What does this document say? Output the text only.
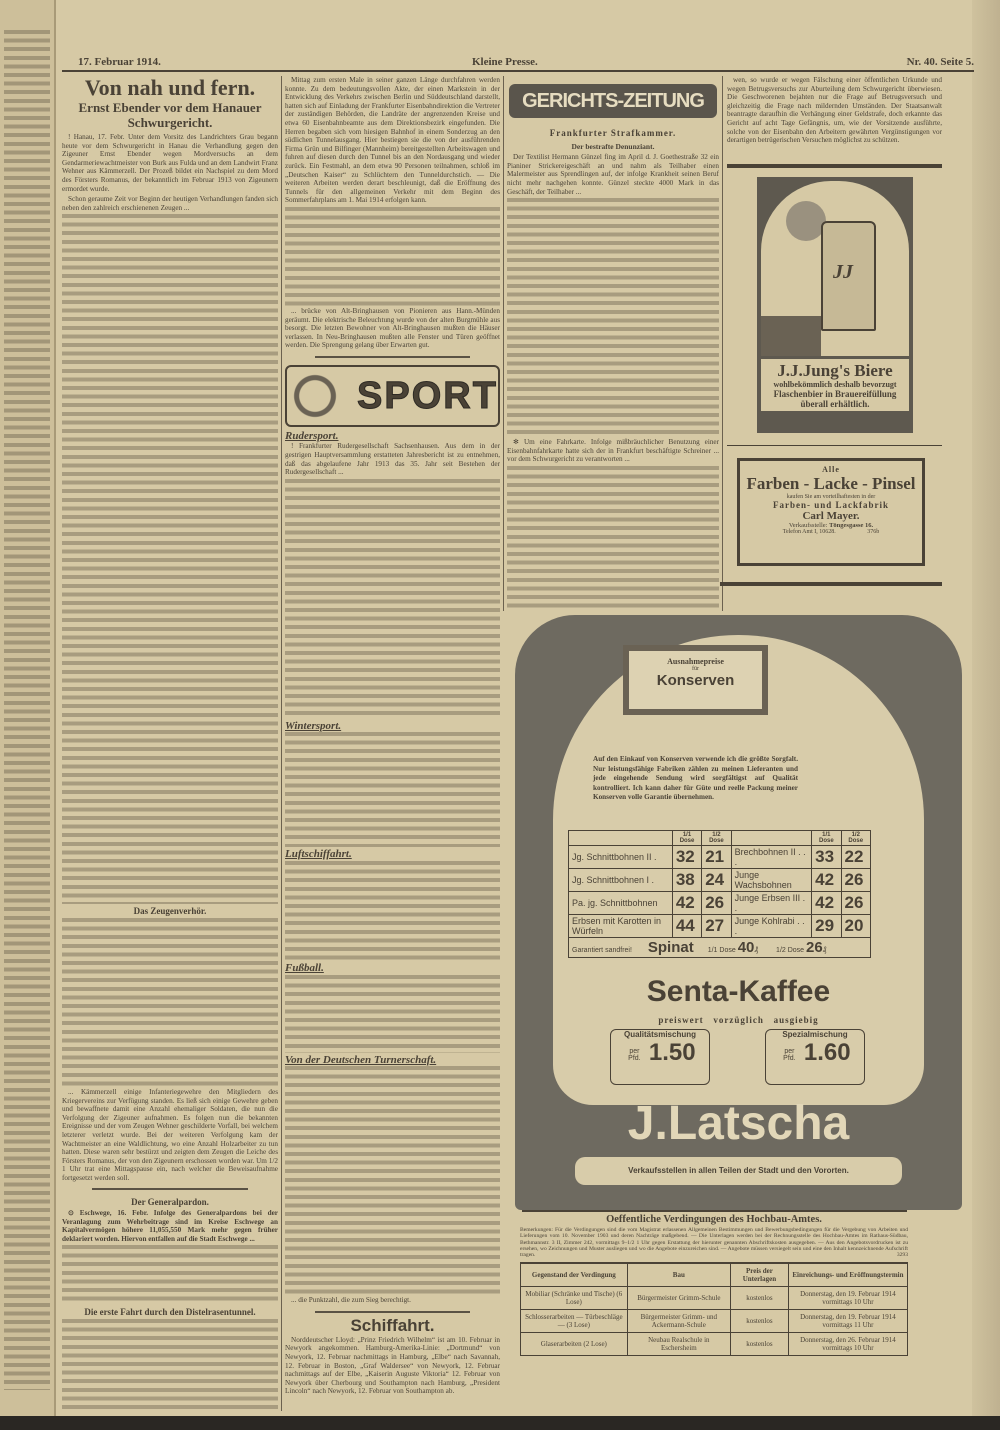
17. Februar 1914.	Kleine Presse.	Nr. 40. Seite 5.
Von nah und fern.
Ernst Ebender vor dem Hanauer Schwurgericht.

! Hanau, 17. Febr. Unter dem Vorsitz des Landrichters Grau begann heute vor dem Schwurgericht in Hanau die Verhandlung gegen den Zigeuner Ernst Ebender wegen Mordversuchs an dem Gendarmeriewachtmeister von Burk aus Fulda und an dem Landwirt Franz Wehner aus Kämmerzell. Der Prozeß bildet ein Nachspiel zu dem Mord des Försters Romanus, der bekanntlich im Februar 1913 von Zigeunern ermordet wurde.

Schon geraume Zeit vor Beginn der heutigen Verhandlungen fanden sich neben den zahlreich erschienenen Zeugen ...

Das Zeugenverhör.

... Kämmerzell einige Infanteriegewehre den Mitgliedern des Kriegervereins zur Verfügung standen. Es ließ sich einige Gewehre geben und bewaffnete damit eine Anzahl ehemaliger Soldaten, die nun die Verfolgung der Zigeuner aufnahmen. Es folgen nun die bekannten Ereignisse und der vom Zeugen Wehner geschilderte Vorfall, bei welchem letzterer verletzt wurde. Bei der weiteren Verfolgung kam der Wachtmeister an eine Waldlichtung, wo eine Anzahl Holzarbeiter zu tun hatten. Diese waren sehr bestürzt und zeigten dem Zeugen die Leiche des Försters Romanus, der von den Zigeunern erschossen worden war. Um 1/2 1 Uhr trat eine Mittagspause ein, nach welcher die Beweisaufnahme fortgesetzt werden soll.

Der Generalpardon.

⊙ Eschwege, 16. Febr. Infolge des Generalpardons bei der Veranlagung zum Wehrbeitrage sind im Kreise Eschwege an Kapitalvermögen höhere 11,055,550 Mark mehr gegen früher deklariert worden. Hiervon entfallen auf die Stadt Eschwege ...

Die erste Fahrt durch den Distelrasentunnel.

Mittag zum ersten Male in seiner ganzen Länge durchfahren werden konnte. Zu dem bedeutungsvollen Akte, der einen Markstein in der Entwicklung des Verkehrs zwischen Berlin und Süddeutschland darstellt, hatten sich auf Einladung der Frankfurter Eisenbahndirektion die Vertreter der zuständigen Behörden, die Landräte der angrenzenden Kreise und etwa 60 Eisenbahnbeamte aus dem Direktionsbezirk eingefunden. Die Herren begaben sich vom hiesigen Bahnhof in einem Sonderzug an den südlichen Tunnelausgang. Hier bestiegen sie die von der ausführenden Firma Grün und Bilfinger (Mannheim) bereitgestellten Arbeitswagen und fuhren auf diesen durch den Tunnel bis an den Nordausgang und wieder zurück. Ein Festmahl, an dem etwa 90 Personen teilnahmen, schloß im „Deutschen Kaiser“ zu Schlüchtern den Tunneldurchstich. — Die weiteren Arbeiten werden derart beschleunigt, daß die Eröffnung des Tunnels für den allgemeinen Verkehr mit dem Beginn des Sommerfahrplans am 1. Mai 1914 erfolgen kann.

... brücke von Alt-Bringhausen von Pionieren aus Hann.-Münden geräumt. Die elektrische Beleuchtung wurde von der alten Burgmühle aus besorgt. Die letzten Bewohner von Alt-Bringhausen mußten die Häuser verlassen. In Neu-Bringhausen mußten alle Fenster und Türen geöffnet werden. Die Sprengung gelang über Erwarten gut.

SPORT
Rudersport.

! Frankfurter Rudergesellschaft Sachsenhausen. Aus dem in der gestrigen Hauptversammlung erstatteten Jahresbericht ist zu entnehmen, daß das abgelaufene Jahr 1913 das 35. Jahr seit Bestehen der Rudergesellschaft ...

Wintersport.
Luftschiffahrt.
Fußball.
Von der Deutschen Turnerschaft.

... die Punktzahl, die zum Sieg berechtigt.

Schiffahrt.

Norddeutscher Lloyd: „Prinz Friedrich Wilhelm“ ist am 10. Februar in Newyork angekommen. Hamburg-Amerika-Linie: „Dortmund“ von Newyork, 12. Februar nachmittags in Hamburg, „Elbe“ nach Savannah, 12. Februar in Boston, „Graf Waldersee“ von Newyork, 12. Februar nachmittags auf der Elbe, „Kaiserin Auguste Viktoria“ 12. Februar von Newyork über Cherbourg und Southampton nach Hamburg, „President Lincoln“ nach Newyork, 12. Februar von Southampton ab.

GERICHTS-ZEITUNG
Frankfurter Strafkammer.
Der bestrafte Denunziant.

Der Textilist Hermann Günzel fing im April d. J. Goethestraße 32 ein Pianiner Strickereigeschäft an und nahm als Teilhaber einen Malermeister aus Sprendlingen auf, der infolge Krankheit seinen Beruf nicht mehr nachgehen konnte. Günzel steckte 4000 Mark in das Geschäft, der Teilhaber ...

✻ Um eine Fahrkarte. Infolge mißbräuchlicher Benutzung einer Eisenbahnfahrkarte hatte sich der in Frankfurt beschäftigte Schreiner ... vor dem Schwurgericht zu verantworten ...

wen, so wurde er wegen Fälschung einer öffentlichen Urkunde und wegen Betrugsversuchs zur Aburteilung dem Schwurgericht überwiesen. Die Geschworenen bejahten nur die Frage auf Betrugsversuch und gleichzeitig die Frage nach mildernden Umständen. Der Staatsanwalt beantragte daraufhin die Verhängung einer Geldstrafe, doch erkannte das Gericht auf acht Tage Gefängnis, um, wie der Vorsitzende ausführte, solche von der Eisenbahn den Arbeitern gewährten Vergünstigungen vor derartigen betrügerischen Versuchen möglichst zu schützen.

JJ
J.J.Jung's Biere
wohlbekömmlich deshalb bevorzugt
Flaschenbier in Brauereifüllung
überall erhältlich.
Alle
Farben - Lacke - Pinsel
kaufen Sie am vorteilhaftesten in der
Farben- und Lackfabrik
Carl Mayer.
Verkaufsstelle: Töngesgasse 16.
Telefon Amt I, 10628.	376b
Ausnahmepreise
für
Konserven
Auf den Einkauf von Konserven verwende ich die größte Sorgfalt. Nur leistungsfähige Fabriken zählen zu meinen Lieferanten und jede eingehende Sendung wird sorgfältigst auf Qualität kontrolliert. Ich kann daher für Güte und reelle Packung meiner Konserven volle Garantie übernehmen.
	1/1 Dose	1/2 Dose		1/1 Dose	1/2 Dose
Jg. Schnittbohnen II .	32	21	Brechbohnen II . . .	33	22
Jg. Schnittbohnen I .	38	24	Junge Wachsbohnen	42	26
Pa. jg. Schnittbohnen	42	26	Junge Erbsen III . .	42	26
Erbsen mit Karotten in Würfeln	44	27	Junge Kohlrabi . . .	29	20
Garantiert sandfrei! Spinat 1/1 Dose 40₰ 1/2 Dose 26₰					
Senta-Kaffee
preiswert   vorzüglich   ausgiebig
Qualitätsmischung
per Pfd. 1.50
Spezialmischung
per Pfd. 1.60
J.Latscha
Verkaufsstellen in allen Teilen der Stadt und den Vororten.
Oeffentliche Verdingungen des Hochbau-Amtes.
Bemerkungen: Für die Verdingungen sind die vom Magistrat erlassenen Allgemeinen Bestimmungen und Bewerbungsbedingungen für die Vergebung von Arbeiten und Lieferungen vom 10. November 1903 und deren Nachträge maßgebend. — Die Unterlagen werden bei der Rechnungsstelle des Hochbau-Amtes im Rathaus-Südbau, Bethmannstr. 3 II, Zimmer 242, vormittags 9–1/2 1 Uhr gegen Erstattung der hierunter genannten Abschriftskosten ausgegeben. — Aus den Angebotsvordrucken ist zu ersehen, wo Zeichnungen und Muster ausliegen und wo die Angebote einzureichen sind. — Angebote müssen versiegelt sein und eine den Inhalt kennzeichnende Aufschrift tragen.	3293
Gegenstand der Verdingung	Bau	Preis der Unterlagen	Einreichungs- und Eröffnungstermin
Mobiliar (Schränke und Tische) (6 Lose)	Bürgermeister Grimm-Schule	kostenlos	Donnerstag, den 19. Februar 1914 vormittags 10 Uhr
Schlosserarbeiten — Türbeschläge — (3 Lose)	Bürgermeister Grimm- und Ackermann-Schule	kostenlos	Donnerstag, den 19. Februar 1914 vormittags 11 Uhr
Glaserarbeiten (2 Lose)	Neubau Realschule in Eschersheim	kostenlos	Donnerstag, den 26. Februar 1914 vormittags 10 Uhr
